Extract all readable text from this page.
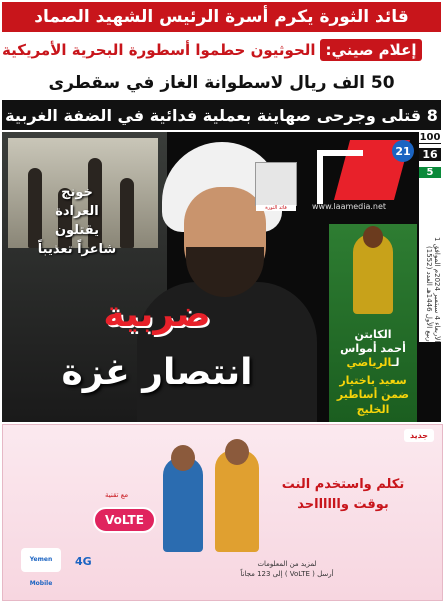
قائد الثورة يكرم أسرة الرئيس الشهيد الصماد
إعلام صيني:
الحوثيون حطموا أسطورة البحرية الأمريكية
50 الف ريال لاسطوانة الغاز في سقطرى
8 قتلى وجرحى صهاينة بعملية فدائية في الضفة الغربية
خونج
العرادة
يقتلون
شاعراً تعذيباً
ضربية
انتصار غزة
21
www.laamedia.net
قائد الثورة
100
16
5
الأربعاء 4 سبتمبر 2024م الموافق 1 ربيع الأول 1446هـ العدد (1552)
الكابتن
أحمد أمواس
لـالرياضي
سعيد باختيار
ضمن أساطير
الخليج
جديد
تكلم واستخدم النت
بوقت وااااااحد
مع تقنية
VoLTE
Yemen Mobile
4G	لمزيد من المعلومات
أرسل ( VoLTE ) إلى 123 مجاناً
